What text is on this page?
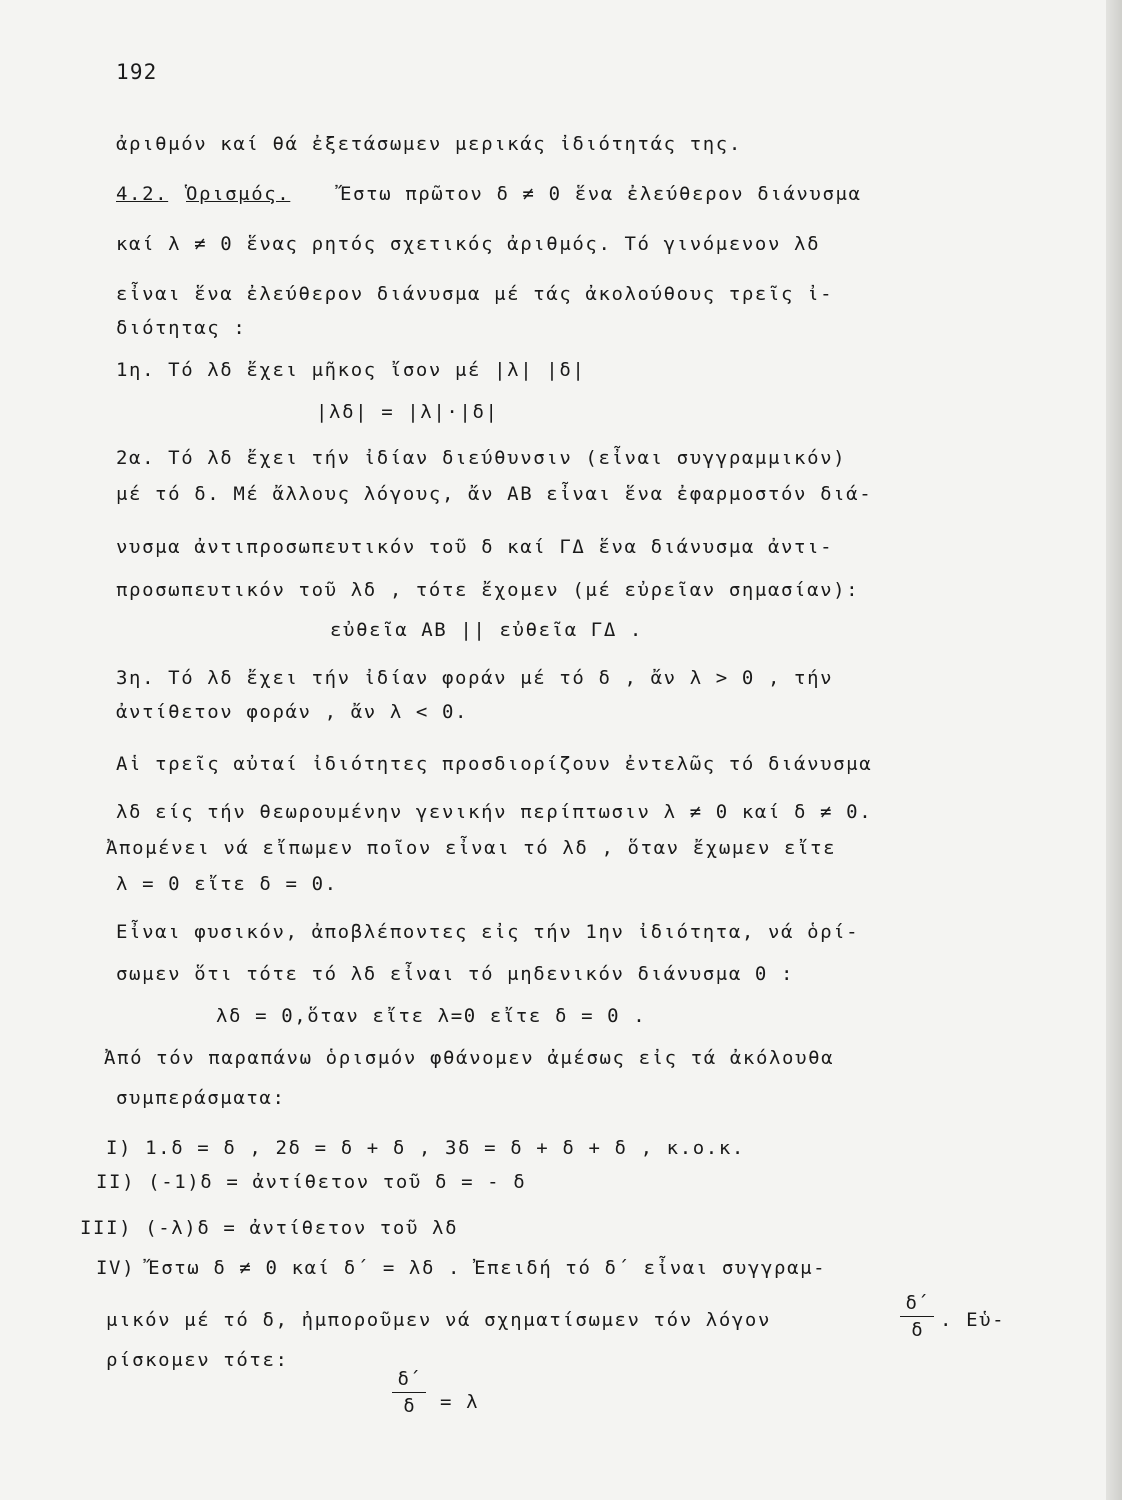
192
ἀριθμόν καί θά ἐξετάσωμεν μερικάς ἰδιότητάς της.
4.2. Ὁρισμός.	Ἔστω πρῶτον δ ≠ 0 ἕνα ἐλεύθερον διάνυσμα
καί λ ≠ 0 ἕνας ρητός σχετικός ἀριθμός. Τό γινόμενον λδ
εἶναι ἕνα ἐλεύθερον διάνυσμα μέ τάς ἀκολούθους τρεῖς ἰ-
διότητας :
1η. Τό λδ ἔχει μῆκος ἴσον μέ |λ| |δ|
|λδ| = |λ|·|δ|
2α. Τό λδ ἔχει τήν ἰδίαν διεύθυνσιν (εἶναι συγγραμμικόν)
μέ τό δ. Μέ ἄλλους λόγους, ἄν ΑΒ εἶναι ἕνα ἐφαρμοστόν διά-
νυσμα ἀντιπροσωπευτικόν τοῦ δ καί ΓΔ ἕνα διάνυσμα ἀντι-
προσωπευτικόν τοῦ λδ , τότε ἔχομεν (μέ εὐρεῖαν σημασίαν):
εὐθεῖα ΑΒ || εὐθεῖα ΓΔ .
3η. Τό λδ ἔχει τήν ἰδίαν φοράν μέ τό δ , ἄν λ > 0 , τήν
ἀντίθετον φοράν , ἄν λ < 0.
Αἱ τρεῖς αὐταί ἰδιότητες προσδιορίζουν ἐντελῶς τό διάνυσμα
λδ είς τήν θεωρουμένην γενικήν περίπτωσιν λ ≠ 0 καί δ ≠ 0.
Ἀπομένει νά εἴπωμεν ποῖον εἶναι τό λδ , ὅταν ἔχωμεν εἴτε
λ = 0 εἴτε δ = 0.
Εἶναι φυσικόν, ἀποβλέποντες εἰς τήν 1ην ἰδιότητα, νά ὁρί-
σωμεν ὅτι τότε τό λδ εἶναι τό μηδενικόν διάνυσμα 0 :
λδ = 0,ὅταν εἴτε λ=0 εἴτε δ = 0 .
Ἀπό τόν παραπάνω ὁρισμόν φθάνομεν ἀμέσως εἰς τά ἀκόλουθα
συμπεράσματα:
I) 1.δ = δ , 2δ = δ + δ , 3δ = δ + δ + δ , κ.ο.κ.
II) (-1)δ = ἀντίθετον τοῦ δ = - δ
III) (-λ)δ = ἀντίθετον τοῦ λδ
IV) Ἔστω δ ≠ 0 καί δ΄ = λδ . Ἐπειδή τό δ΄ εἶναι συγγραμ-
μικόν μέ τό δ, ἠμποροῦμεν νά σχηματίσωμεν τόν λόγον
δ΄
δ . Εὑ-
ρίσκομεν τότε:
δ΄
δ	= λ
